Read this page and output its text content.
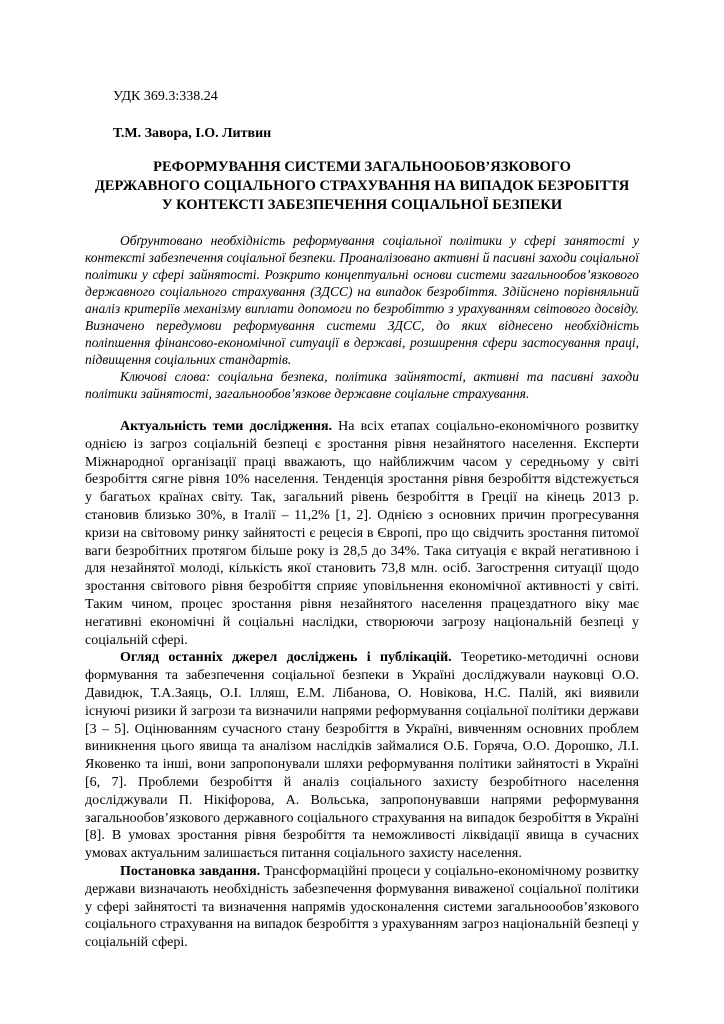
УДК 369.3:338.24

Т.М. Завора, І.О. Литвин

РЕФОРМУВАННЯ СИСТЕМИ ЗАГАЛЬНООБОВ’ЯЗКОВОГО
ДЕРЖАВНОГО СОЦІАЛЬНОГО СТРАХУВАННЯ НА ВИПАДОК БЕЗРОБІТТЯ
У КОНТЕКСТІ ЗАБЕЗПЕЧЕННЯ СОЦІАЛЬНОЇ БЕЗПЕКИ

Обґрунтовано необхідність реформування соціальної політики у сфері занятості у контексті забезпечення соціальної безпеки. Проаналізовано активні й пасивні заходи соціальної політики у сфері зайнятості. Розкрито концептуальні основи системи загальнообов’язкового державного соціального страхування (ЗДСС) на випадок безробіття. Здійснено порівняльний аналіз критеріїв механізму виплати допомоги по безробіттю з урахуванням світового досвіду. Визначено передумови реформування системи ЗДСС, до яких віднесено необхідність поліпшення фінансово-економічної ситуації в державі, розширення сфери застосування праці, підвищення соціальних стандартів.

Ключові слова: соціальна безпека, політика зайнятості, активні та пасивні заходи політики зайнятості, загальнообов’язкове державне соціальне страхування.

Актуальність теми дослідження. На всіх етапах соціально-економічного розвитку однією із загроз соціальній безпеці є зростання рівня незайнятого населення. Експерти Міжнародної організації праці вважають, що найближчим часом у середньому у світі безробіття сягне рівня 10% населення. Тенденція зростання рівня безробіття відстежується у багатьох країнах світу. Так, загальний рівень безробіття в Греції на кінець 2013 р. становив близько 30%, в Італії – 11,2% [1, 2]. Однією з основних причин прогресування кризи на світовому ринку зайнятості є рецесія в Європі, про що свідчить зростання питомої ваги безробітних протягом більше року із 28,5 до 34%. Така ситуація є вкрай негативною і для незайнятої молоді, кількість якої становить 73,8 млн. осіб. Загострення ситуації щодо зростання світового рівня безробіття сприяє уповільнення економічної активності у світі. Таким чином, процес зростання рівня незайнятого населення працездатного віку має негативні економічні й соціальні наслідки, створюючи загрозу національній безпеці у соціальній сфері.

Огляд останніх джерел досліджень і публікацій. Теоретико-методичні основи формування та забезпечення соціальної безпеки в Україні досліджували науковці О.О. Давидюк, Т.А.Заяць, О.І. Ілляш, Е.М. Лібанова, О. Новікова, Н.С. Палій, які виявили існуючі ризики й загрози та визначили напрями реформування соціальної політики держави [3 – 5]. Оцінюванням сучасного стану безробіття в Україні, вивченням основних проблем виникнення цього явища та аналізом наслідків займалися О.Б. Горяча, О.О. Дорошко, Л.І. Яковенко та інші, вони запропонували шляхи реформування політики зайнятості в Україні [6, 7]. Проблеми безробіття й аналіз соціального захисту безробітного населення досліджували П. Нікіфорова, А. Вольська, запропонувавши напрями реформування загальнообов’язкового державного соціального страхування на випадок безробіття в Україні [8]. В умовах зростання рівня безробіття та неможливості ліквідації явища в сучасних умовах актуальним залишається питання соціального захисту населення.

Постановка завдання. Трансформаційні процеси у соціально-економічному розвитку держави визначають необхідність забезпечення формування виваженої соціальної політики у сфері зайнятості та визначення напрямів удосконалення системи загальноообов’язкового соціального страхування на випадок безробіття з урахуванням загроз національній безпеці у соціальній сфері.
